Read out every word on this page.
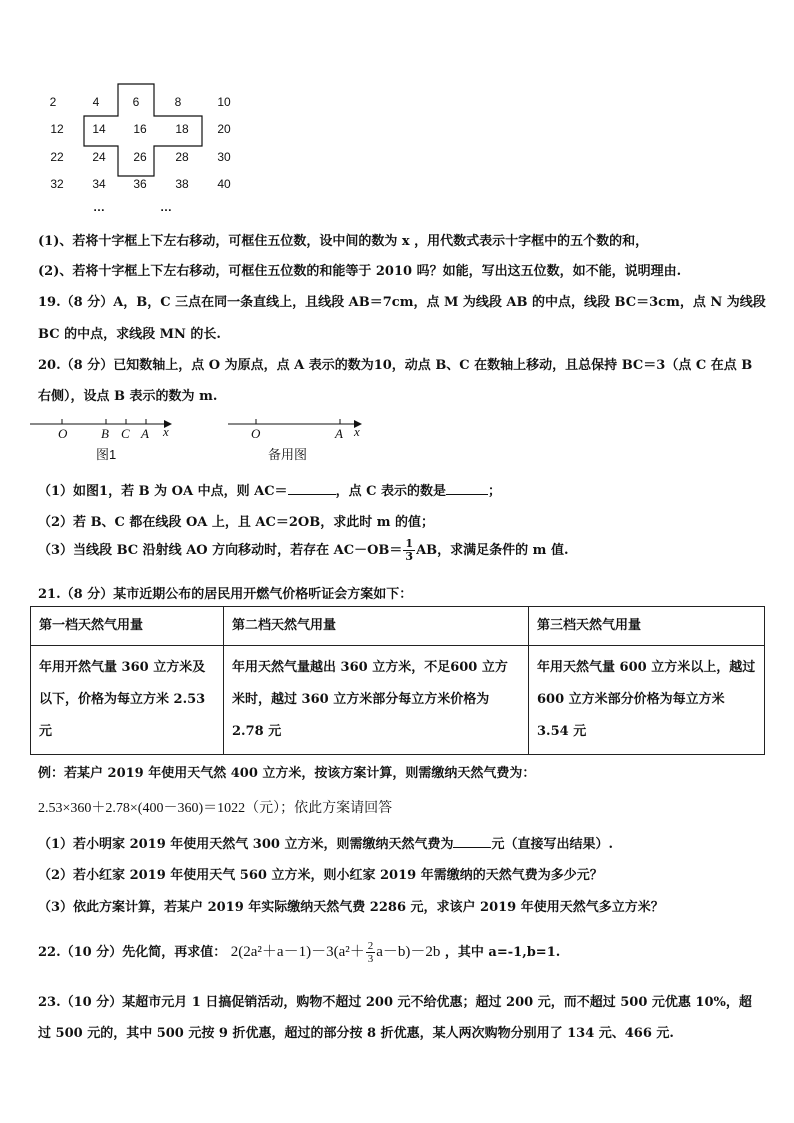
2	4	6	8	10
12	14	16	18	20
22	24	26	28	30
32	34	36	38	40
…	…
(1)、若将十字框上下左右移动，可框住五位数，设中间的数为 x ，用代数式表示十字框中的五个数的和，
(2)、若将十字框上下左右移动，可框住五位数的和能等于 2010 吗？如能，写出这五位数，如不能，说明理由.
19.（8 分）A，B，C 三点在同一条直线上，且线段 AB＝7cm，点 M 为线段 AB 的中点，线段 BC＝3cm，点 N 为线段
BC 的中点，求线段 MN 的长.
20.（8 分）已知数轴上，点 O 为原点，点 A 表示的数为10，动点 B、C 在数轴上移动，且总保持 BC＝3（点 C 在点 B
右侧），设点 B 表示的数为 m.
O	B C A x
图1
O	A x
备用图
（1）如图1，若 B 为 OA 中点，则 AC＝	，点 C 表示的数是	；
（2）若 B、C 都在线段 OA 上，且 AC＝2OB，求此时 m 的值；
（3）当线段 BC 沿射线 AO 方向移动时，若存在 $AC-OB= \frac{1}{3}$ AB，求满足条件的 m 值.
21.（8 分）某市近期公布的居民用开燃气价格听证会方案如下：
第一档天然气用量	第二档天然气用量	第三档天然气用量
年用开然气量 360 立方米及以下，价格为每立方米 2.53 元	年用天然气量越出 360 立方米，不足600 立方米时，越过 360 立方米部分每立方米价格为 2.78 元	年用天然气量 600 立方米以上，越过 600 立方米部分价格为每立方米 3.54 元
例：若某户 2019 年使用天气然 400 立方米，按该方案计算，则需缴纳天然气费为：
2.53×360＋2.78×(400－360)＝1022（元）；依此方案请回答
（1）若小明家 2019 年使用天然气 300 立方米，则需缴纳天然气费为	元（直接写出结果）.
（2）若小红家 2019 年使用天气 560 立方米，则小红家 2019 年需缴纳的天然气费为多少元？
（3）依此方案计算，若某户 2019 年实际缴纳天然气费 2286 元，求该户 2019 年使用天然气多立方米？
22.（10 分）先化简，再求值： $2(2a^2+a-1)-3(a^2+ \frac{2}{3} a-b)-2b$ ，其中 a=-1,b=1.
23.（10 分）某超市元月 1 日搞促销活动，购物不超过 200 元不给优惠；超过 200 元，而不超过 500 元优惠 10%，超
过 500 元的，其中 500 元按 9 折优惠，超过的部分按 8 折优惠，某人两次购物分别用了 134 元、466 元.
